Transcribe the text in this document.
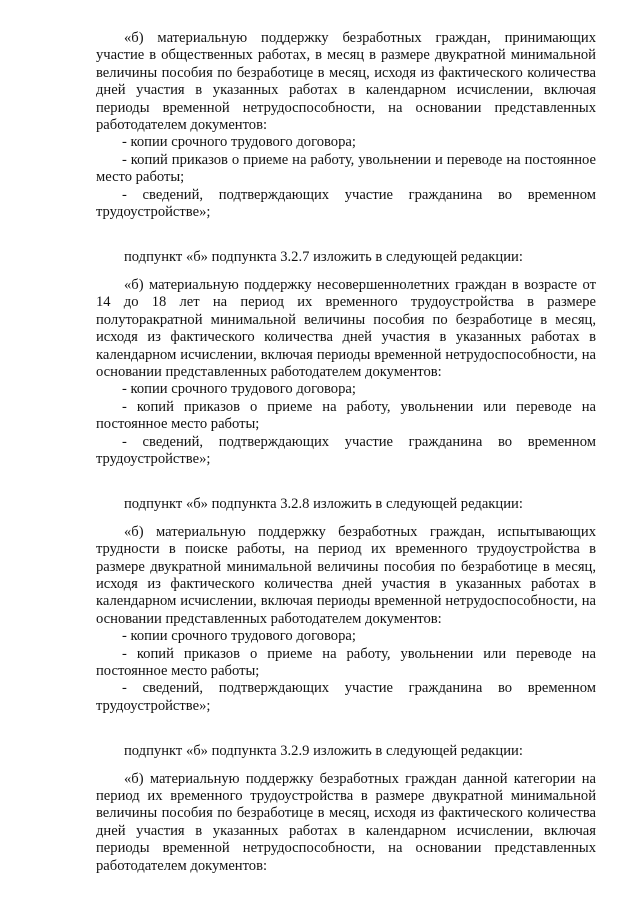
«б) материальную поддержку безработных граждан, принимающих участие в общественных работах, в месяц в размере двукратной минимальной величины пособия по безработице в месяц, исходя из фактического количества дней участия в указанных работах в календарном исчислении, включая периоды временной нетрудоспособности, на основании представленных работодателем документов:

- копии срочного трудового договора;

- копий приказов о приеме на работу, увольнении и переводе на постоянное место работы;

- сведений, подтверждающих участие гражданина во временном трудоустройстве»;

подпункт «б» подпункта 3.2.7 изложить в следующей редакции:

«б) материальную поддержку несовершеннолетних граждан в возрасте от 14 до 18 лет на период их временного трудоустройства в размере полуторакратной минимальной величины пособия по безработице в месяц, исходя из фактического количества дней участия в указанных работах в календарном исчислении, включая периоды временной нетрудоспособности, на основании представленных работодателем документов:

- копии срочного трудового договора;

- копий приказов о приеме на работу, увольнении или переводе на постоянное место работы;

- сведений, подтверждающих участие гражданина во временном трудоустройстве»;

подпункт «б» подпункта 3.2.8 изложить в следующей редакции:

«б) материальную поддержку безработных граждан, испытывающих трудности в поиске работы, на период их временного трудоустройства в размере двукратной минимальной величины пособия по безработице в месяц, исходя из фактического количества дней участия в указанных работах в календарном исчислении, включая периоды временной нетрудоспособности, на основании представленных работодателем документов:

- копии срочного трудового договора;

- копий приказов о приеме на работу, увольнении или переводе на постоянное место работы;

- сведений, подтверждающих участие гражданина во временном трудоустройстве»;

подпункт «б» подпункта 3.2.9 изложить в следующей редакции:

«б) материальную поддержку безработных граждан данной категории на период их временного трудоустройства в размере двукратной минимальной величины пособия по безработице в месяц, исходя из фактического количества дней участия в указанных работах в календарном исчислении, включая периоды временной нетрудоспособности, на основании представленных работодателем документов:
